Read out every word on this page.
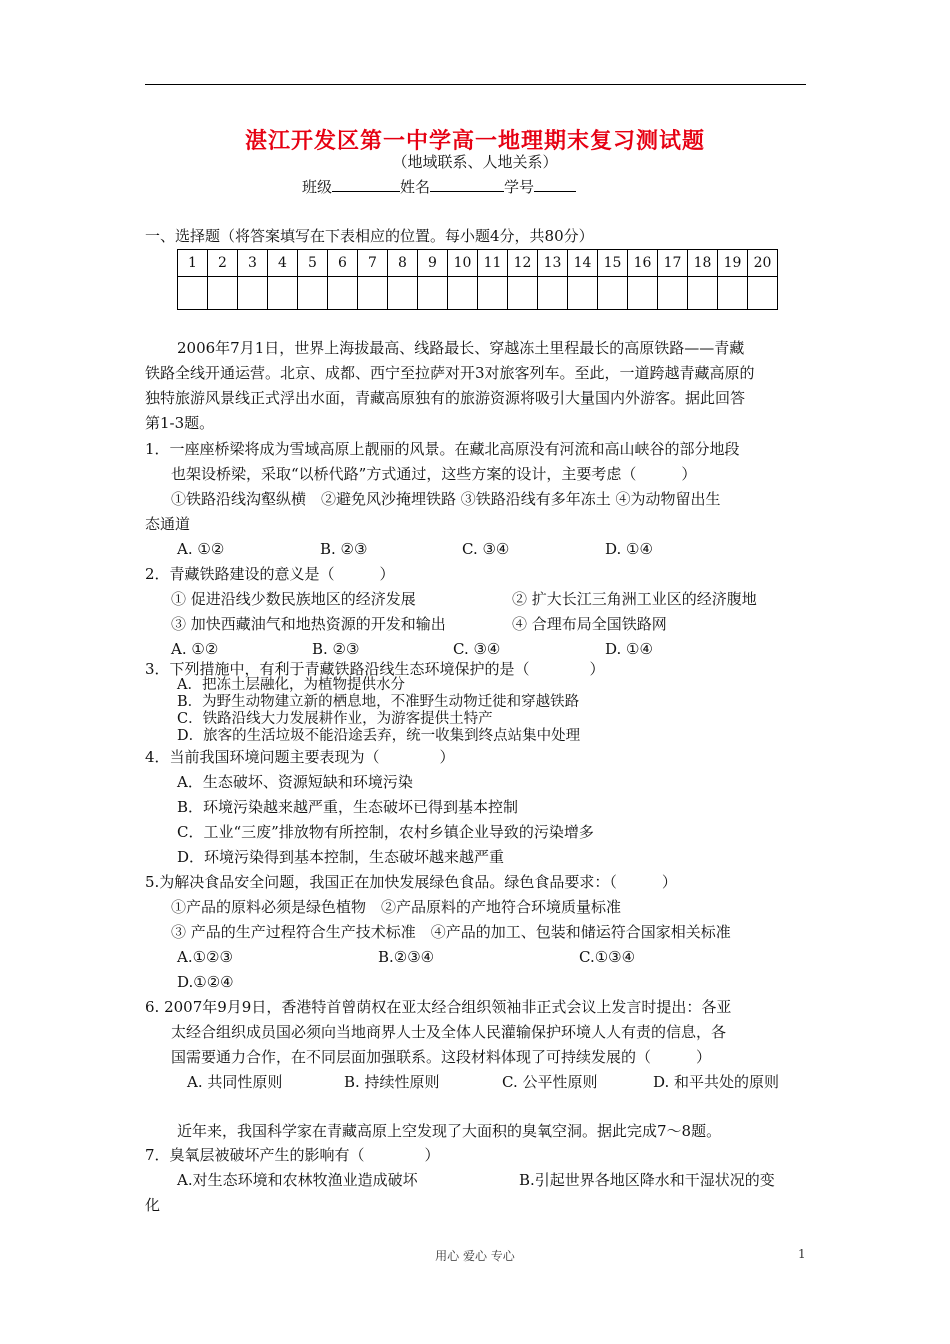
湛江开发区第一中学高一地理期末复习测试题
（地域联系、人地关系）
班级	姓名	学号
一、选择题（将答案填写在下表相应的位置。每小题4分，共80分）
1	2	3	4	5	6	7	8	9	10	11	12	13	14	15	16	17	18	19	20

2006年7月1日，世界上海拔最高、线路最长、穿越冻土里程最长的高原铁路——青藏
铁路全线开通运营。北京、成都、西宁至拉萨对开3对旅客列车。至此，一道跨越青藏高原的
独特旅游风景线正式浮出水面，青藏高原独有的旅游资源将吸引大量国内外游客。据此回答
第1-3题。
1．一座座桥梁将成为雪域高原上靓丽的风景。在藏北高原没有河流和高山峡谷的部分地段
也架设桥梁，采取“以桥代路”方式通过，这些方案的设计，主要考虑（　　　）
①铁路沿线沟壑纵横　②避免风沙掩埋铁路 ③铁路沿线有多年冻土 ④为动物留出生
态通道
A. ①②	B. ②③	C. ③④	D. ①④
2．青藏铁路建设的意义是（　　　）
① 促进沿线少数民族地区的经济发展	② 扩大长江三角洲工业区的经济腹地
③ 加快西藏油气和地热资源的开发和输出	④ 合理布局全国铁路网
A. ①②	B. ②③	C. ③④	D. ①④
3．下列措施中，有利于青藏铁路沿线生态环境保护的是（　　　　）
A．把冻土层融化，为植物提供水分
B．为野生动物建立新的栖息地，不准野生动物迁徙和穿越铁路
C．铁路沿线大力发展耕作业，为游客提供土特产
D．旅客的生活垃圾不能沿途丢弃，统一收集到终点站集中处理
4．当前我国环境问题主要表现为（　　　　）
A．生态破坏、资源短缺和环境污染
B．环境污染越来越严重，生态破坏已得到基本控制
C．工业“三废”排放物有所控制，农村乡镇企业导致的污染增多
D．环境污染得到基本控制，生态破坏越来越严重
5.为解决食品安全问题，我国正在加快发展绿色食品。绿色食品要求：（　　　）
①产品的原料必须是绿色植物　②产品原料的产地符合环境质量标准
③ 产品的生产过程符合生产技术标准　④产品的加工、包装和储运符合国家相关标准
A.①②③	B.②③④	C.①③④
D.①②④
6. 2007年9月9日，香港特首曾荫权在亚太经合组织领袖非正式会议上发言时提出：各亚
太经合组织成员国必须向当地商界人士及全体人民灌输保护环境人人有责的信息，各
国需要通力合作，在不同层面加强联系。这段材料体现了可持续发展的（　　　）
A. 共同性原则	B. 持续性原则	C. 公平性原则	D. 和平共处的原则
近年来，我国科学家在青藏高原上空发现了大面积的臭氧空洞。据此完成7～8题。
7．臭氧层被破坏产生的影响有（　　　　）
A.对生态环境和农林牧渔业造成破坏	B.引起世界各地区降水和干湿状况的变
化
用心 爱心 专心	1
